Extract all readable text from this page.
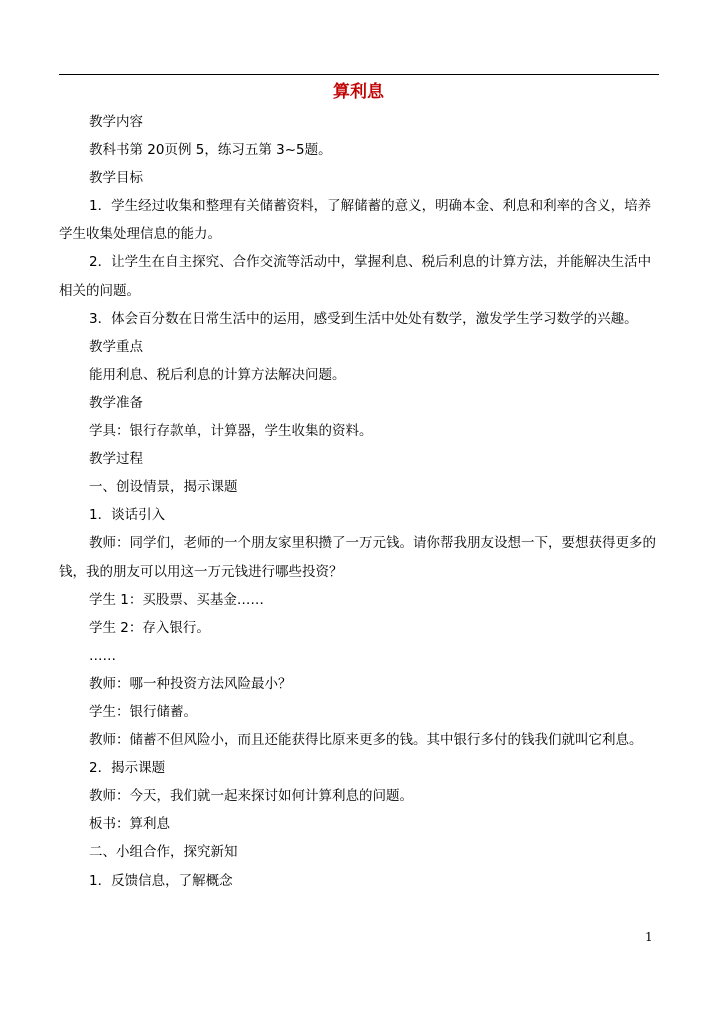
算利息

教学内容

教科书第 20页例 5，练习五第 3~5题。

教学目标

1．学生经过收集和整理有关储蓄资料，了解储蓄的意义，明确本金、利息和利率的含义，培养学生收集处理信息的能力。

2．让学生在自主探究、合作交流等活动中，掌握利息、税后利息的计算方法，并能解决生活中相关的问题。

3．体会百分数在日常生活中的运用，感受到生活中处处有数学，激发学生学习数学的兴趣。

教学重点

能用利息、税后利息的计算方法解决问题。

教学准备

学具：银行存款单，计算器，学生收集的资料。

教学过程

一、创设情景，揭示课题

1．谈话引入

教师：同学们，老师的一个朋友家里积攒了一万元钱。请你帮我朋友设想一下，要想获得更多的钱，我的朋友可以用这一万元钱进行哪些投资？

学生 1：买股票、买基金……

学生 2：存入银行。

……

教师：哪一种投资方法风险最小？

学生：银行储蓄。

教师：储蓄不但风险小，而且还能获得比原来更多的钱。其中银行多付的钱我们就叫它利息。

2．揭示课题

教师：今天，我们就一起来探讨如何计算利息的问题。

板书：算利息

二、小组合作，探究新知

1．反馈信息，了解概念

1
